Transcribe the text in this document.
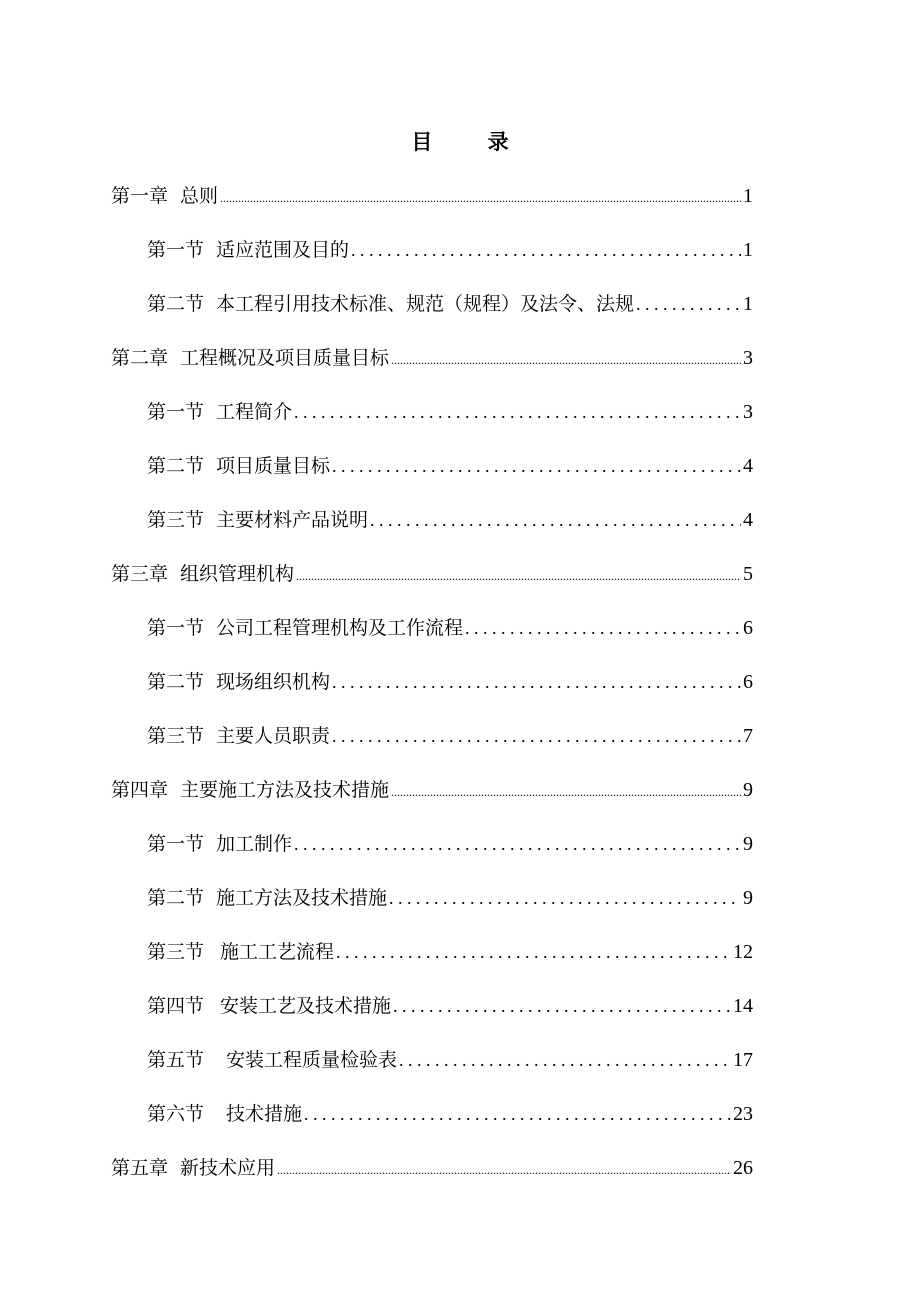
目 录
第一章 总则 .....	1
第一节 适应范围及目的 .....	1
第二节 本工程引用技术标准、规范（规程）及法令、法规 .....	1
第二章 工程概况及项目质量目标 .....	3
第一节 工程简介 .....	3
第二节 项目质量目标 .....	4
第三节 主要材料产品说明 .....	4
第三章 组织管理机构 .....	5
第一节 公司工程管理机构及工作流程 .....	6
第二节 现场组织机构 .....	6
第三节 主要人员职责 .....	7
第四章 主要施工方法及技术措施 .....	9
第一节 加工制作 .....	9
第二节 施工方法及技术措施 .....	9
第三节 施工工艺流程 .....	12
第四节 安装工艺及技术措施 .....	14
第五节 安装工程质量检验表 .....	17
第六节 技术措施 .....	23
第五章 新技术应用 .....	26
